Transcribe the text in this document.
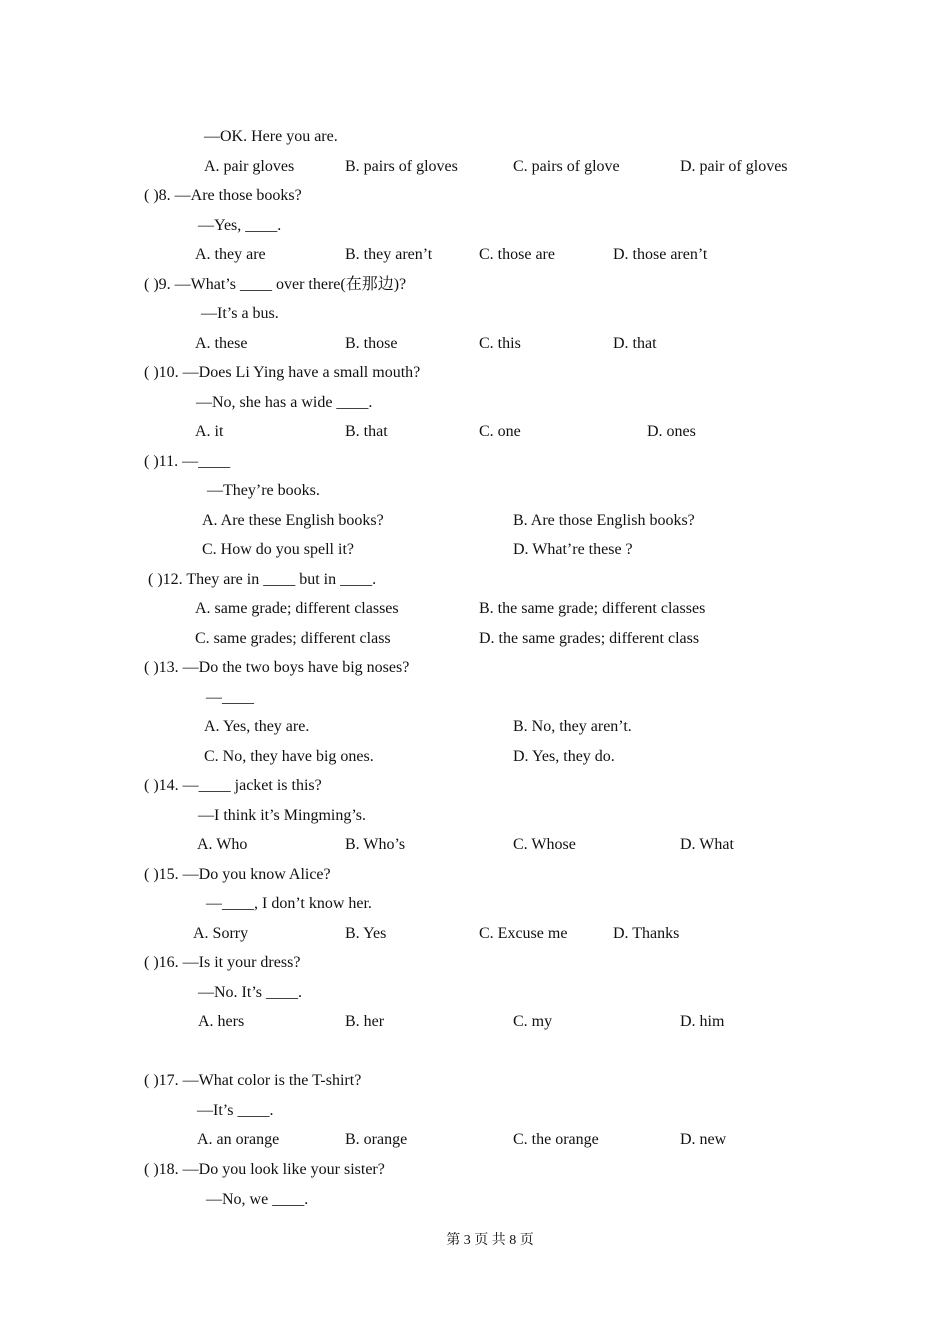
—OK. Here you are.
A. pair gloves	B. pairs of gloves	C. pairs of glove	D. pair of gloves
( )8. —Are those books?
—Yes, ____.
A. they are	B. they aren’t	C. those are	D. those aren’t
( )9. —What’s ____ over there(在那边)?
—It’s a bus.
A. these	B. those	C. this	D. that
( )10. —Does Li Ying have a small mouth?
—No, she has a wide ____.
A. it	B. that	C. one	D. ones
( )11. —____
—They’re books.
A. Are these English books?	B. Are those English books?
C. How do you spell it?	D. What’re these ?
( )12. They are in ____ but in ____.
A. same grade; different classes	B. the same grade; different classes
C. same grades; different class	D. the same grades; different class
( )13. —Do the two boys have big noses?
—____
A. Yes, they are.	B. No, they aren’t.
C. No, they have big ones.	D. Yes, they do.
( )14. —____ jacket is this?
—I think it’s Mingming’s.
A. Who	B. Who’s	C. Whose	D. What
( )15. —Do you know Alice?
—____, I don’t know her.
A. Sorry	B. Yes	C. Excuse me	D. Thanks
( )16. —Is it your dress?
—No. It’s ____.
A. hers	B. her	C. my	D. him
( )17. —What color is the T-shirt?
—It’s ____.
A. an orange	B. orange	C. the orange	D. new
( )18. —Do you look like your sister?
—No, we ____.
第 3 页 共 8 页
